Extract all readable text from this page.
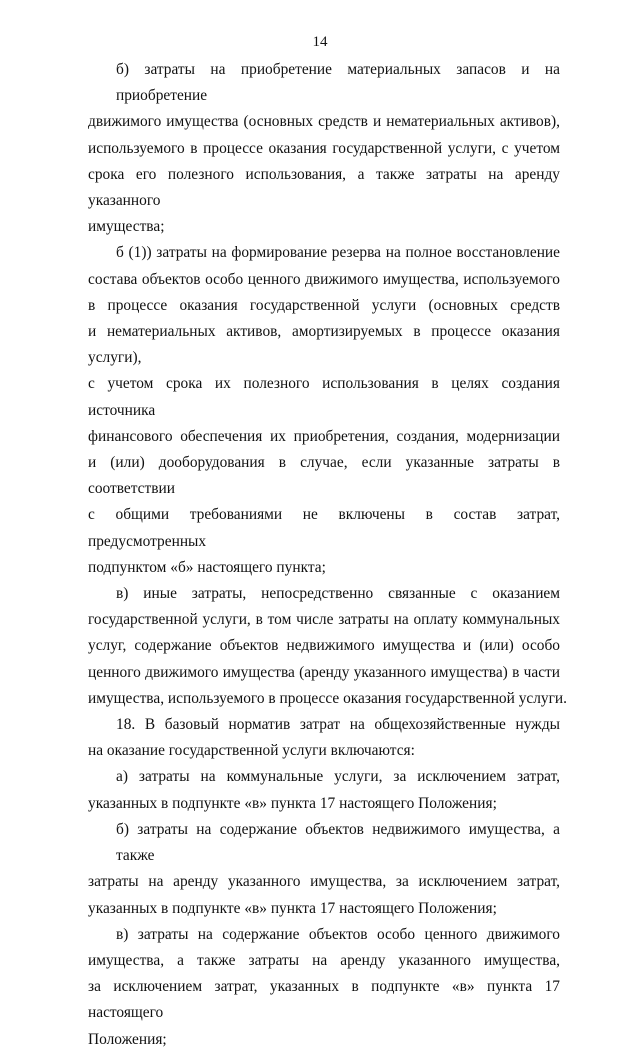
14

б) затраты на приобретение материальных запасов и на приобретение
движимого имущества (основных средств и нематериальных активов),
используемого в процессе оказания государственной услуги, с учетом
срока его полезного использования, а также затраты на аренду указанного
имущества;

б (1)) затраты на формирование резерва на полное восстановление
состава объектов особо ценного движимого имущества, используемого
в процессе оказания государственной услуги (основных средств
и нематериальных активов, амортизируемых в процессе оказания услуги),
с учетом срока их полезного использования в целях создания источника
финансового обеспечения их приобретения, создания, модернизации
и (или) дооборудования в случае, если указанные затраты в соответствии
с общими требованиями не включены в состав затрат, предусмотренных
подпунктом «б» настоящего пункта;

в) иные затраты, непосредственно связанные с оказанием
государственной услуги, в том числе затраты на оплату коммунальных
услуг, содержание объектов недвижимого имущества и (или) особо
ценного движимого имущества (аренду указанного имущества) в части
имущества, используемого в процессе оказания государственной услуги.

18. В базовый норматив затрат на общехозяйственные нужды
на оказание государственной услуги включаются:

а) затраты на коммунальные услуги, за исключением затрат,
указанных в подпункте «в» пункта 17 настоящего Положения;

б) затраты на содержание объектов недвижимого имущества, а также
затраты на аренду указанного имущества, за исключением затрат,
указанных в подпункте «в» пункта 17 настоящего Положения;

в) затраты на содержание объектов особо ценного движимого
имущества, а также затраты на аренду указанного имущества,
за исключением затрат, указанных в подпункте «в» пункта 17 настоящего
Положения;
